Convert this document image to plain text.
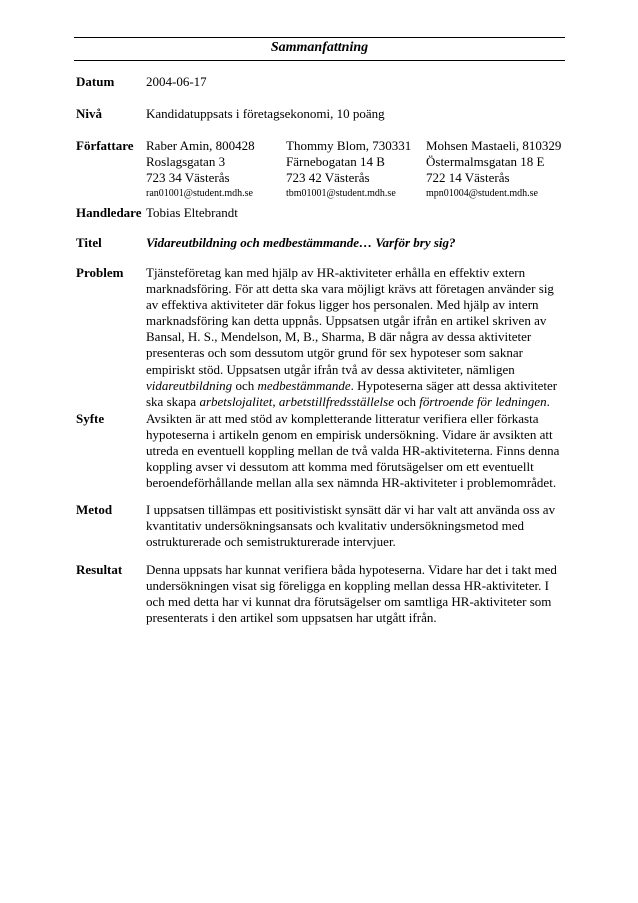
Sammanfattning
Datum 2004-06-17
Nivå	Kandidatuppsats i företagsekonomi, 10 poäng
Författare Raber Amin, 800428
Roslagsgatan 3
723 34 Västerås
ran01001@student.mdh.se
Thommy Blom, 730331
Färnebogatan 14 B
723 42 Västerås
tbm01001@student.mdh.se
Mohsen Mastaeli, 810329
Östermalmsgatan 18 E
722 14 Västerås
mpn01004@student.mdh.se
Handledare Tobias Eltebrandt
Titel	Vidareutbildning och medbestämmande… Varför bry sig?
Problem Tjänsteföretag kan med hjälp av HR-aktiviteter erhålla en effektiv extern
marknadsföring. För att detta ska vara möjligt krävs att företagen använder sig
av effektiva aktiviteter där fokus ligger hos personalen. Med hjälp av intern
marknadsföring kan detta uppnås. Uppsatsen utgår ifrån en artikel skriven av
Bansal, H. S., Mendelson, M, B., Sharma, B där några av dessa aktiviteter
presenteras och som dessutom utgör grund för sex hypoteser som saknar
empiriskt stöd. Uppsatsen utgår ifrån två av dessa aktiviteter, nämligen
vidareutbildning och medbestämmande. Hypoteserna säger att dessa aktiviteter
ska skapa arbetslojalitet, arbetstillfredsställelse och förtroende för ledningen.
Syfte	Avsikten är att med stöd av kompletterande litteratur verifiera eller förkasta
hypoteserna i artikeln genom en empirisk undersökning. Vidare är avsikten att
utreda en eventuell koppling mellan de två valda HR-aktiviteterna. Finns denna
koppling avser vi dessutom att komma med förutsägelser om ett eventuellt
beroendeförhållande mellan alla sex nämnda HR-aktiviteter i problemområdet.
Metod	I uppsatsen tillämpas ett positivistiskt synsätt där vi har valt att använda oss av
kvantitativ undersökningsansats och kvalitativ undersökningsmetod med
ostrukturerade och semistrukturerade intervjuer.
Resultat Denna uppsats har kunnat verifiera båda hypoteserna. Vidare har det i takt med
undersökningen visat sig föreligga en koppling mellan dessa HR-aktiviteter. I
och med detta har vi kunnat dra förutsägelser om samtliga HR-aktiviteter som
presenterats i den artikel som uppsatsen har utgått ifrån.
